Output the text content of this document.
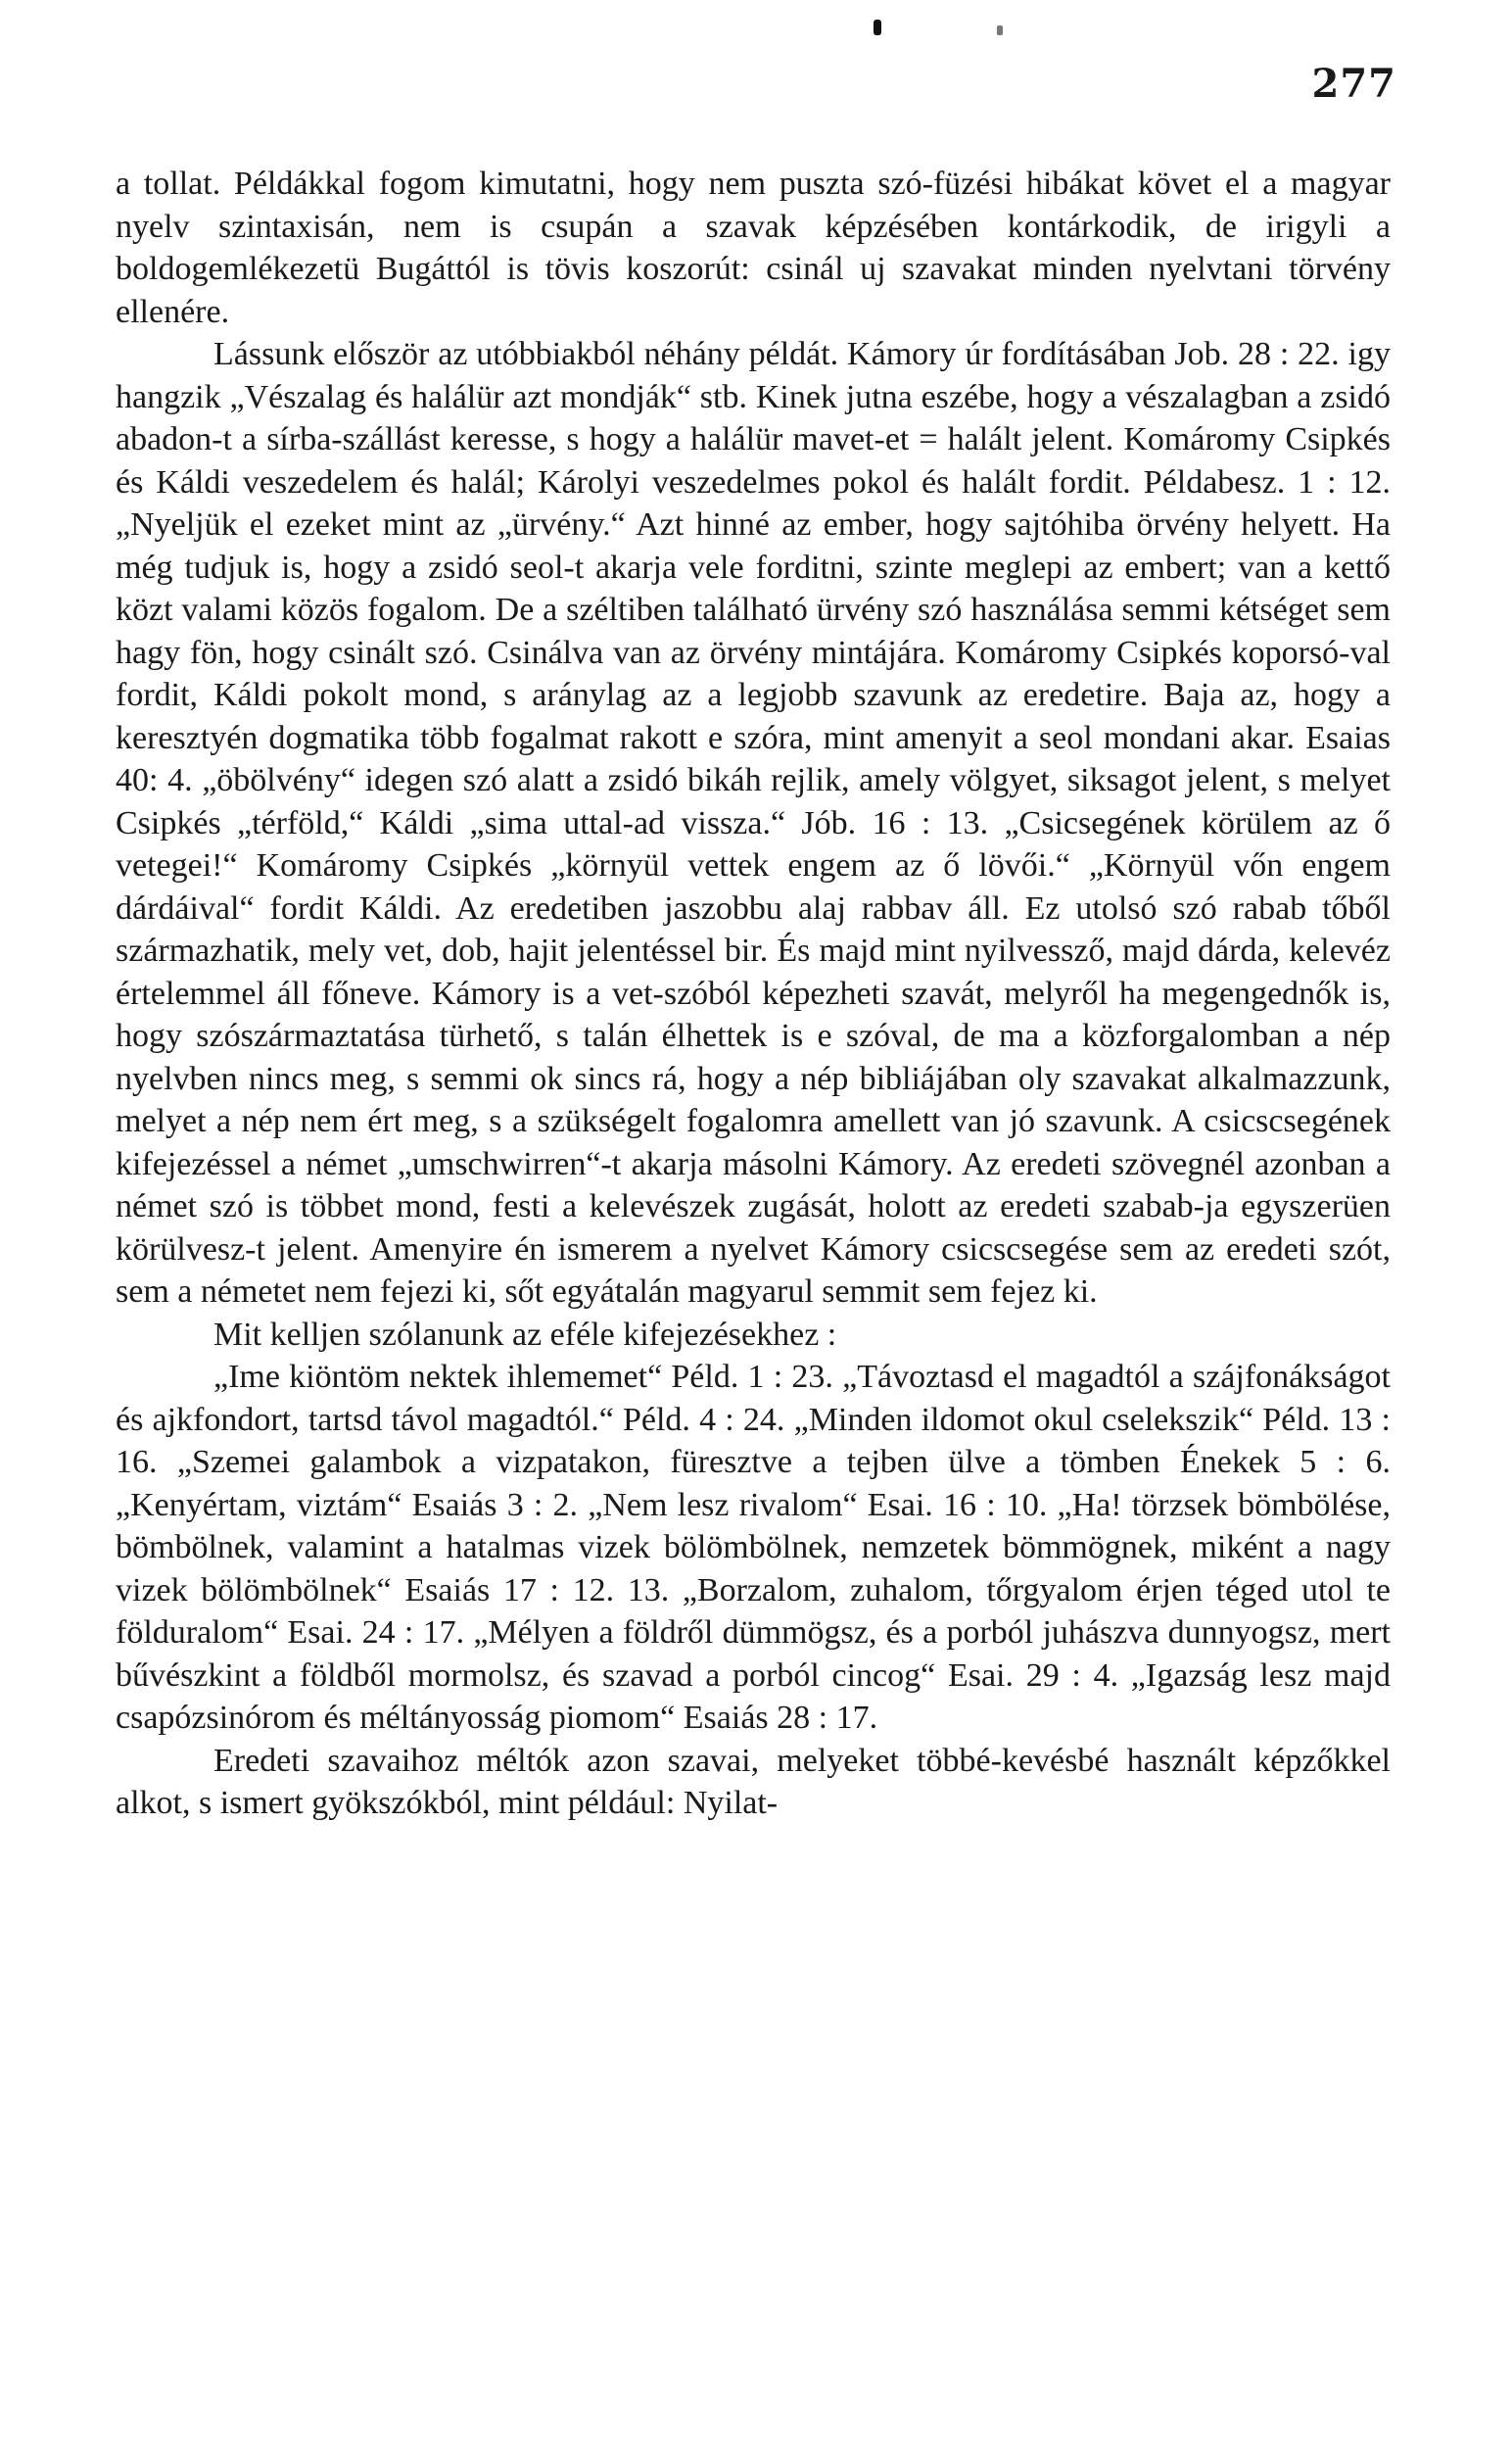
277

a tollat. Példákkal fogom kimutatni, hogy nem puszta szó-füzési hibákat követ el a magyar nyelv szintaxisán, nem is csupán a szavak képzésében kontárkodik, de irigyli a boldogemlékezetü Bugáttól is tövis koszorút: csinál uj szavakat minden nyelvtani törvény ellenére.

Lássunk először az utóbbiakból néhány példát. Kámory úr fordításában Job. 28 : 22. igy hangzik „Vészalag és halálür azt mondják“ stb. Kinek jutna eszébe, hogy a vészalagban a zsidó abadon-t a sírba-szállást keresse, s hogy a halálür mavet-et = halált jelent. Komáromy Csipkés és Káldi veszedelem és halál; Károlyi veszedelmes pokol és halált fordit. Példabesz. 1 : 12. „Nyeljük el ezeket mint az „ürvény.“ Azt hinné az ember, hogy sajtóhiba örvény helyett. Ha még tudjuk is, hogy a zsidó seol-t akarja vele forditni, szinte meglepi az embert; van a kettő közt valami közös fogalom. De a széltiben található ürvény szó használása semmi kétséget sem hagy fön, hogy csinált szó. Csinálva van az örvény mintájára. Komáromy Csipkés koporsó-val fordit, Káldi pokolt mond, s aránylag az a legjobb szavunk az eredetire. Baja az, hogy a keresztyén dogmatika több fogalmat rakott e szóra, mint amenyit a seol mondani akar. Esaias 40: 4. „öbölvény“ idegen szó alatt a zsidó bikáh rejlik, amely völgyet, siksagot jelent, s melyet Csipkés „térföld,“ Káldi „sima uttal-ad vissza.“ Jób. 16 : 13. „Csicsegének körülem az ő vetegei!“ Komáromy Csipkés „környül vettek engem az ő lövői.“ „Környül vőn engem dárdáival“ fordit Káldi. Az eredetiben jaszobbu alaj rabbav áll. Ez utolsó szó rabab tőből származhatik, mely vet, dob, hajit jelentéssel bir. És majd mint nyilvessző, majd dárda, kelevéz értelemmel áll főneve. Kámory is a vet-szóból képezheti szavát, melyről ha megengednők is, hogy szószármaztatása türhető, s talán élhettek is e szóval, de ma a közforgalomban a nép nyelvben nincs meg, s semmi ok sincs rá, hogy a nép bibliájában oly szavakat alkalmazzunk, melyet a nép nem ért meg, s a szükségelt fogalomra amellett van jó szavunk. A csicscsegének kifejezéssel a német „umschwirren“-t akarja másolni Kámory. Az eredeti szövegnél azonban a német szó is többet mond, festi a kelevészek zugását, holott az eredeti szabab-ja egyszerüen körülvesz-t jelent. Amenyire én ismerem a nyelvet Kámory csicscsegése sem az eredeti szót, sem a németet nem fejezi ki, sőt egyátalán magyarul semmit sem fejez ki.

Mit kelljen szólanunk az eféle kifejezésekhez :

„Ime kiöntöm nektek ihlememet“ Péld. 1 : 23. „Távoztasd el magadtól a szájfonákságot és ajkfondort, tartsd távol magadtól.“ Péld. 4 : 24. „Minden ildomot okul cselekszik“ Péld. 13 : 16. „Szemei galambok a vizpatakon, füresztve a tejben ülve a tömben Énekek 5 : 6. „Kenyértam, viztám“ Esaiás 3 : 2. „Nem lesz rivalom“ Esai. 16 : 10. „Ha! törzsek bömbölése, bömbölnek, valamint a hatalmas vizek bölömbölnek, nemzetek bömmögnek, miként a nagy vizek bölömbölnek“ Esaiás 17 : 12. 13. „Borzalom, zuhalom, tőrgyalom érjen téged utol te földuralom“ Esai. 24 : 17. „Mélyen a földről dümmögsz, és a porból juhászva dunnyogsz, mert bűvészkint a földből mormolsz, és szavad a porból cincog“ Esai. 29 : 4. „Igazság lesz majd csapózsinórom és méltányosság piomom“ Esaiás 28 : 17.

Eredeti szavaihoz méltók azon szavai, melyeket többé-kevésbé használt képzőkkel alkot, s ismert gyökszókból, mint például: Nyilat-
